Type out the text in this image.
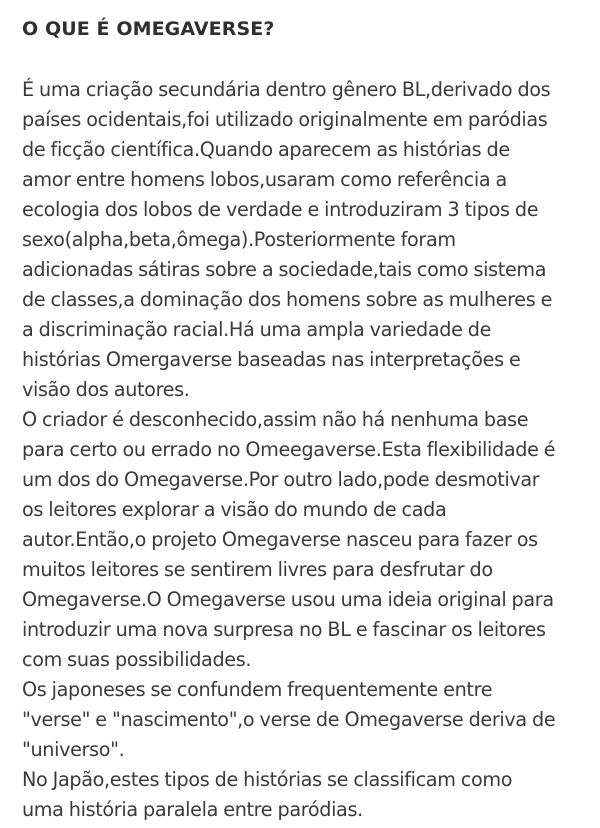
O QUE É OMEGAVERSE?
É uma criação secundária dentro gênero BL,derivado dos
países ocidentais,foi utilizado originalmente em paródias
de ficção científica.Quando aparecem as histórias de
amor entre homens lobos,usaram como referência a
ecologia dos lobos de verdade e introduziram 3 tipos de
sexo(alpha,beta,ômega).Posteriormente foram
adicionadas sátiras sobre a sociedade,tais como sistema
de classes,a dominação dos homens sobre as mulheres e
a discriminação racial.Há uma ampla variedade de
histórias Omergaverse baseadas nas interpretações e
visão dos autores.
O criador é desconhecido,assim não há nenhuma base
para certo ou errado no Omeegaverse.Esta flexibilidade é
um dos do Omegaverse.Por outro lado,pode desmotivar
os leitores explorar a visão do mundo de cada
autor.Então,o projeto Omegaverse nasceu para fazer os
muitos leitores se sentirem livres para desfrutar do
Omegaverse.O Omegaverse usou uma ideia original para
introduzir uma nova surpresa no BL e fascinar os leitores
com suas possibilidades.
Os japoneses se confundem frequentemente entre
"verse" e "nascimento",o verse de Omegaverse deriva de
"universo".
No Japão,estes tipos de histórias se classificam como
uma história paralela entre paródias.
